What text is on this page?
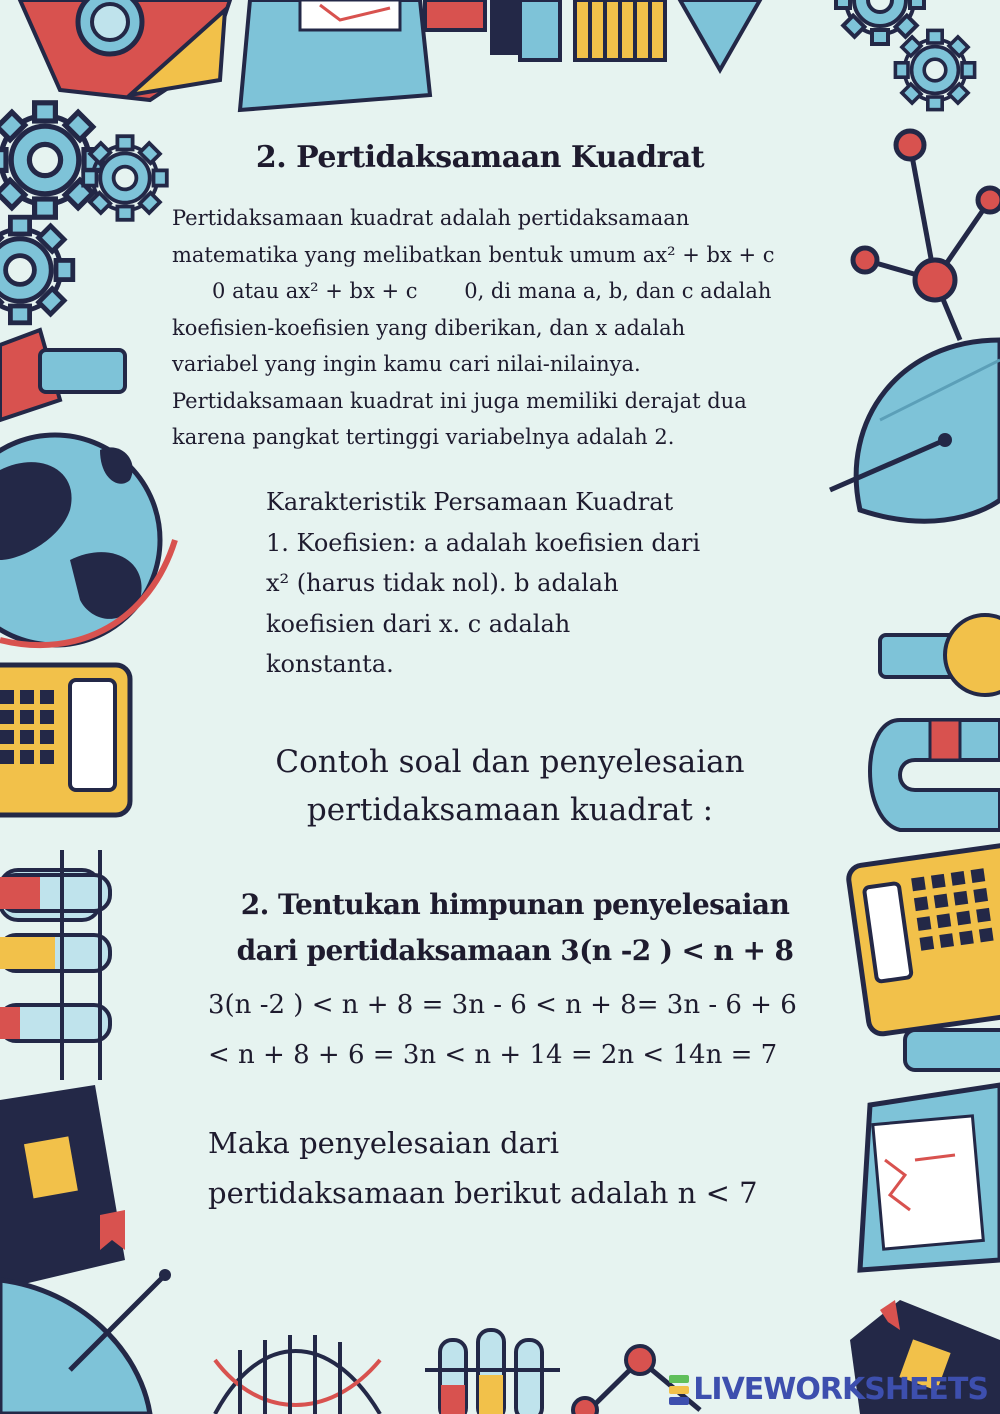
2. Pertidaksamaan Kuadrat

Pertidaksamaan kuadrat adalah pertidaksamaan

matematika yang melibatkan bentuk umum ax² + bx + c

0 atau ax² + bx + c       0, di mana a, b, dan c adalah

koefisien-koefisien yang diberikan, dan x adalah

variabel yang ingin kamu cari nilai-nilainya.

Pertidaksamaan kuadrat ini juga memiliki derajat dua

karena pangkat tertinggi variabelnya adalah 2.

Karakteristik Persamaan Kuadrat

1. Koefisien: a adalah koefisien dari

x² (harus tidak nol). b adalah

koefisien dari x. c adalah

konstanta.

Contoh soal dan penyelesaian

pertidaksamaan kuadrat :

2. Tentukan himpunan penyelesaian

dari pertidaksamaan 3(n -2 ) < n + 8

3(n -2 ) < n + 8 = 3n - 6 < n + 8= 3n - 6 + 6

< n + 8 + 6 = 3n < n + 14 = 2n < 14n = 7

Maka penyelesaian dari

pertidaksamaan berikut adalah n < 7

LIVEWORKSHEETS
